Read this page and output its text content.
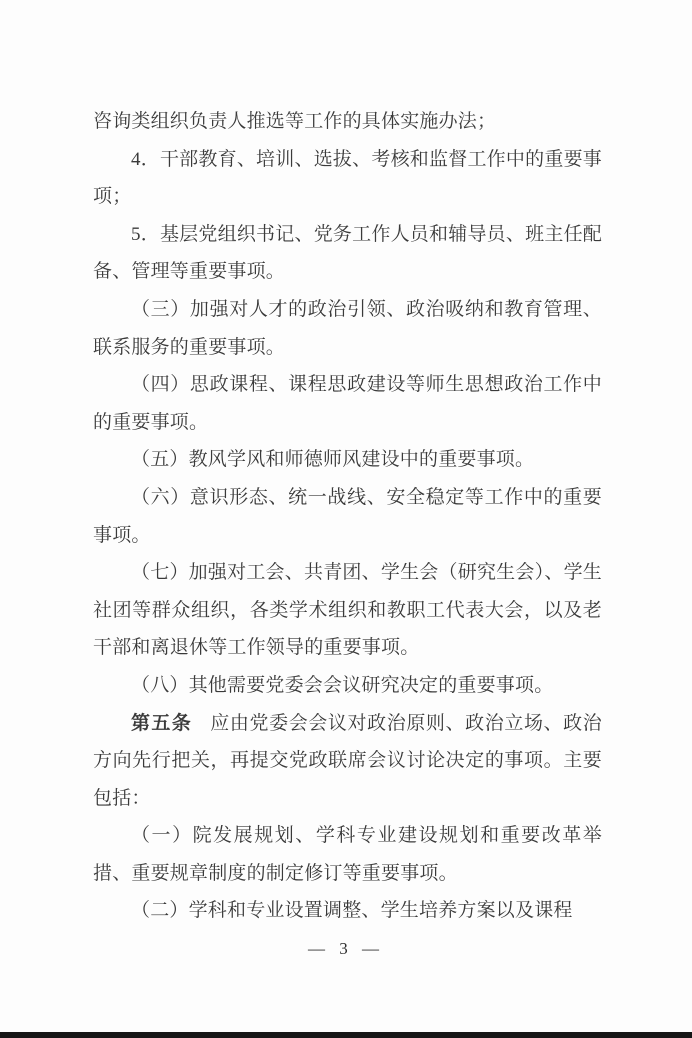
咨询类组织负责人推选等工作的具体实施办法；

4．干部教育、培训、选拔、考核和监督工作中的重要事项；

5．基层党组织书记、党务工作人员和辅导员、班主任配备、管理等重要事项。

（三）加强对人才的政治引领、政治吸纳和教育管理、联系服务的重要事项。

（四）思政课程、课程思政建设等师生思想政治工作中的重要事项。

（五）教风学风和师德师风建设中的重要事项。

（六）意识形态、统一战线、安全稳定等工作中的重要事项。

（七）加强对工会、共青团、学生会（研究生会）、学生社团等群众组织，各类学术组织和教职工代表大会，以及老干部和离退休等工作领导的重要事项。

（八）其他需要党委会会议研究决定的重要事项。

第五条 应由党委会会议对政治原则、政治立场、政治方向先行把关，再提交党政联席会议讨论决定的事项。主要包括：

（一）院发展规划、学科专业建设规划和重要改革举措、重要规章制度的制定修订等重要事项。

（二）学科和专业设置调整、学生培养方案以及课程

— 3 —
